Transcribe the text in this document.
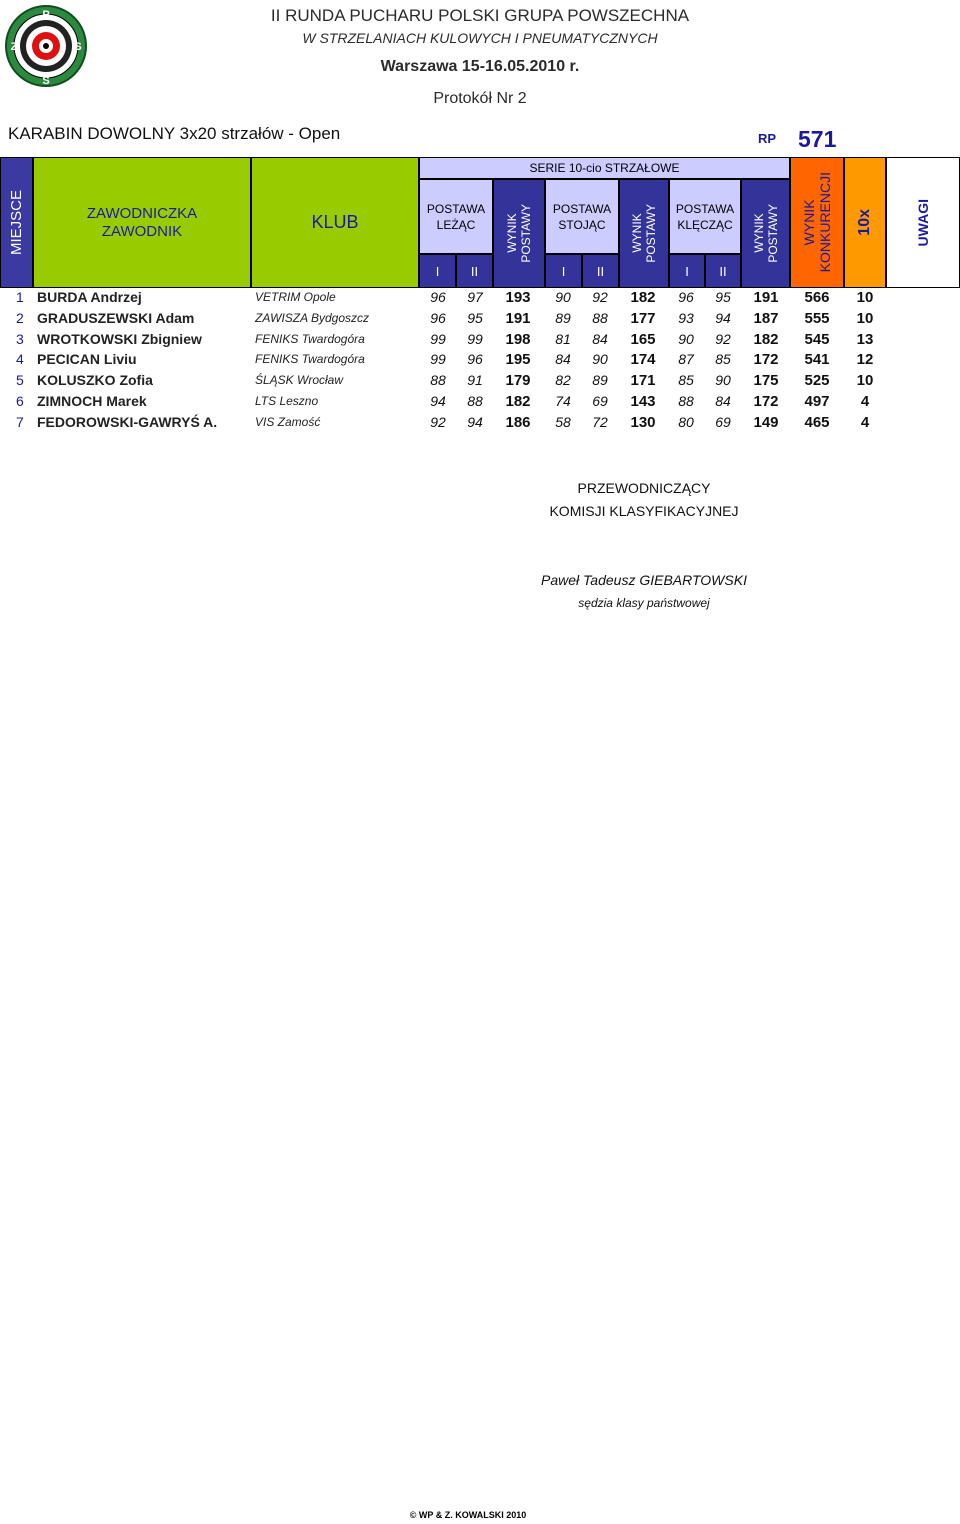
P
Z	S
S
II RUNDA PUCHARU POLSKI GRUPA POWSZECHNA
W STRZELANIACH KULOWYCH I PNEUMATYCZNYCH
Warszawa 15-16.05.2010 r.
Protokół Nr 2
KARABIN DOWOLNY 3x20 strzałów - Open	RP 571
MIEJSCE	ZAWODNICZKA
ZAWODNIK	KLUB
SERIE 10-cio STRZAŁOWE
POSTAWA
LEŻĄC
I II
WYNIK POSTAWY POSTAWA
STOJĄC
I II
WYNIK POSTAWY POSTAWA
KLĘCZĄC
I II
WYNIK POSTAWY WYNIK KONKURENCJI 10x	UWAGI
1 BURDA Andrzej	VETRIM Opole	96	97	193	90	92	182	96	95	191	566	10
2 GRADUSZEWSKI Adam	ZAWISZA Bydgoszcz	96	95	191	89	88	177	93	94	187	555	10
3 WROTKOWSKI Zbigniew	FENIKS Twardogóra	99	99	198	81	84	165	90	92	182	545	13
4 PECICAN Liviu	FENIKS Twardogóra	99	96	195	84	90	174	87	85	172	541	12
5 KOLUSZKO Zofia	ŚLĄSK Wrocław	88	91	179	82	89	171	85	90	175	525	10
6 ZIMNOCH Marek	LTS Leszno	94	88	182	74	69	143	88	84	172	497	4
7 FEDOROWSKI-GAWRYŚ A.	VIS Zamość	92	94	186	58	72	130	80	69	149	465	4
PRZEWODNICZĄCY
KOMISJI KLASYFIKACYJNEJ
Paweł Tadeusz GIEBARTOWSKI
sędzia klasy państwowej
© WP & Z. KOWALSKI 2010
